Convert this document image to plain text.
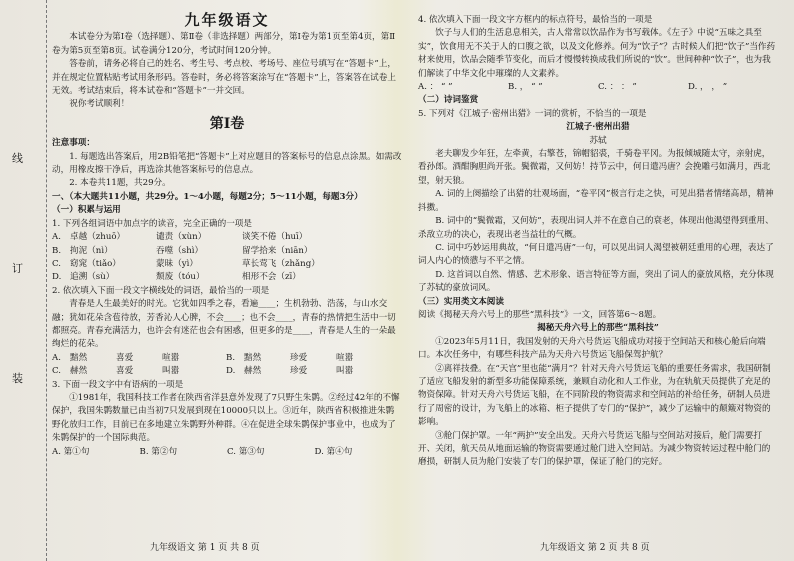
线
订
装

九年级语文

本试卷分为第Ⅰ卷（选择题）、第Ⅱ卷（非选择题）两部分，第Ⅰ卷为第1页至第4页，第Ⅱ卷为第5页至第8页。试卷满分120分，考试时间120分钟。

答卷前，请务必将自己的姓名、考生号、考点校、考场号、座位号填写在“答题卡”上，并在规定位置粘贴考试用条形码。答卷时，务必将答案涂写在“答题卡”上，答案答在试卷上无效。考试结束后，将本试卷和“答题卡”一并交回。

祝你考试顺利！

第Ⅰ卷

注意事项：

1. 每题选出答案后，用2B铅笔把“答题卡”上对应题目的答案标号的信息点涂黑。如需改动，用橡皮擦干净后，再选涂其他答案标号的信息点。

2. 本卷共11题，共29分。

一、（本大题共11小题，共29分。1～4小题，每题2分；5～11小题，每题3分）

（一）积累与运用

1. 下列各组词语中加点字的读音，完全正确的一项是

A.	卓越（zhuō）	谴责（xùn）	谈笑不倦（huī）
B.	拘泥（nì）	吞噬（shì）	留学拾来（niān）
C.	窈窕（tiǎo）	蒙昧（yì）	草长莺飞（zhǎng）
D.	追溯（sù）	颓废（tóu）	相形不会（zī）

2. 依次填入下面一段文字横线处的词语，最恰当的一项是

青春是人生最美好的时光。它犹如四季之春，看遍____；生机勃勃、浩荡，与山水交融；犹如花朵含苞待放，芳香沁人心脾，不会____；也不会____，青春的热情把生活中一切都照亮。青春充满活力，也许会有迷茫也会有困惑，但更多的是____，青春是人生的一朵最绚烂的花朵。

A.	黯然	喜爱	喧嚣	B.	黯然	珍爱	喧嚣
C.	赫然	喜爱	叫嚣	D.	赫然	珍爱	叫嚣

3. 下面一段文字中有语病的一项是

①1981年，我国科技工作者在陕西省洋县意外发现了7只野生朱鹮。②经过42年的不懈保护，我国朱鹮数量已由当初7只发展到现在10000只以上。③近年，陕西省积极推进朱鹮野化放归工作，目前已在多地建立朱鹮野外种群。④在促进全球朱鹮保护事业中，也成为了朱鹮保护的一个国际典范。

A. 第①句	B. 第②句	C. 第③句	D. 第④句
九年级语文 第 1 页 共 8 页

4. 依次填入下面一段文字方框内的标点符号，最恰当的一项是

饮子与人们的生活息息相关，古人常常以饮品作为书写载体。《左子》中说“五味之具至实”，饮食用无不关于人的口腹之欲，以及文化修养。何为“饮子”？古时候人们把“饮子”当作药材来使用，饮品会随季节变化，而后才慢慢转换成我们所说的“饮”。世间种种“饮子”，也为我们解读了中华文化中璀璨的人文素养。

A. ： “ ”	B. ， “ ”	C. ： ： ”	D. ， ， ”

（二）诗词鉴赏

5. 下列对《江城子·密州出猎》一词的赏析，不恰当的一项是

江城子·密州出猎

苏轼

老夫聊发少年狂，左牵黄，右擎苍，锦帽貂裘，千骑卷平冈。为报倾城随太守，亲射虎，看孙郎。酒酣胸胆尚开张。鬓微霜，又何妨！持节云中，何日遣冯唐？会挽雕弓如满月，西北望，射天狼。

A. 词的上阕描绘了出猎的壮观场面，“卷平冈”极言行走之快，可见出猎者情绪高昂，精神抖擞。

B. 词中的“鬓微霜，又何妨”，表现出词人并不在意自己的衰老，体现出他渴望得到重用、杀敌立功的决心，表现出老当益壮的气概。

C. 词中巧妙运用典故，“何日遣冯唐”一句，可以见出词人渴望被朝廷重用的心理，表达了词人内心的愤懑与不平之情。

D. 这首词以自然、情感、艺术形象、语言特征等方面，突出了词人的豪放风格，充分体现了苏轼的豪放词风。

（三）实用类文本阅读

阅读《揭秘天舟六号上的那些“黑科技”》一文，回答第6～8题。

揭秘天舟六号上的那些“黑科技”

①2023年5月11日，我国发射的天舟六号货运飞船成功对接于空间站天和核心舱后向端口。本次任务中，有哪些科技产品为天舟六号货运飞船保驾护航？

②离祥技叠。在“天宫”里也能“满月”？针对天舟六号货运飞船的重要任务需求，我国研制了适应飞船发射的新型多功能保障系统，兼顾自动化和人工作业，为在轨航天员提供了充足的物资保障。针对天舟六号货运飞船，在不同阶段的物资需求和空间站的补给任务，研制人员进行了周密的设计，为飞船上的冰箱、柜子提供了专门的“保护”，减少了运输中的颠簸对物资的影响。

③舱门保护罩。一年“两护”安全出发。天舟六号货运飞船与空间站对接后，舱门需要打开、关闭，航天员从地面运输的物资需要通过舱门进入空间站。为减少物资转运过程中舱门的磨损，研制人员为舱门安装了专门的保护罩，保证了舱门的完好。

九年级语文 第 2 页 共 8 页
